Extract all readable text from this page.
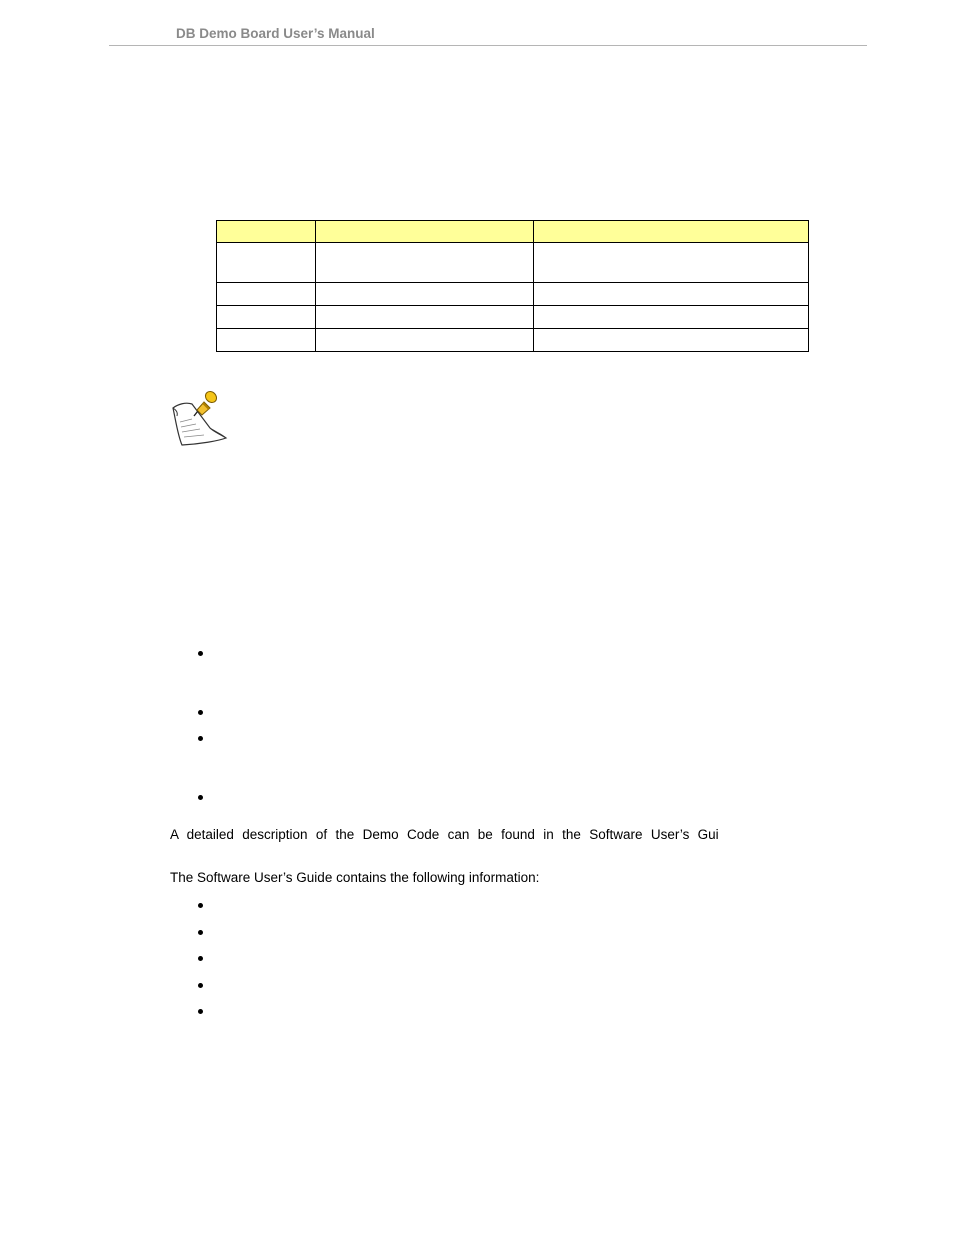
DB Demo Board User’s Manual

A detailed description of the Demo Code can be found in the Software User’s Gui
The Software User’s Guide contains the following information:
